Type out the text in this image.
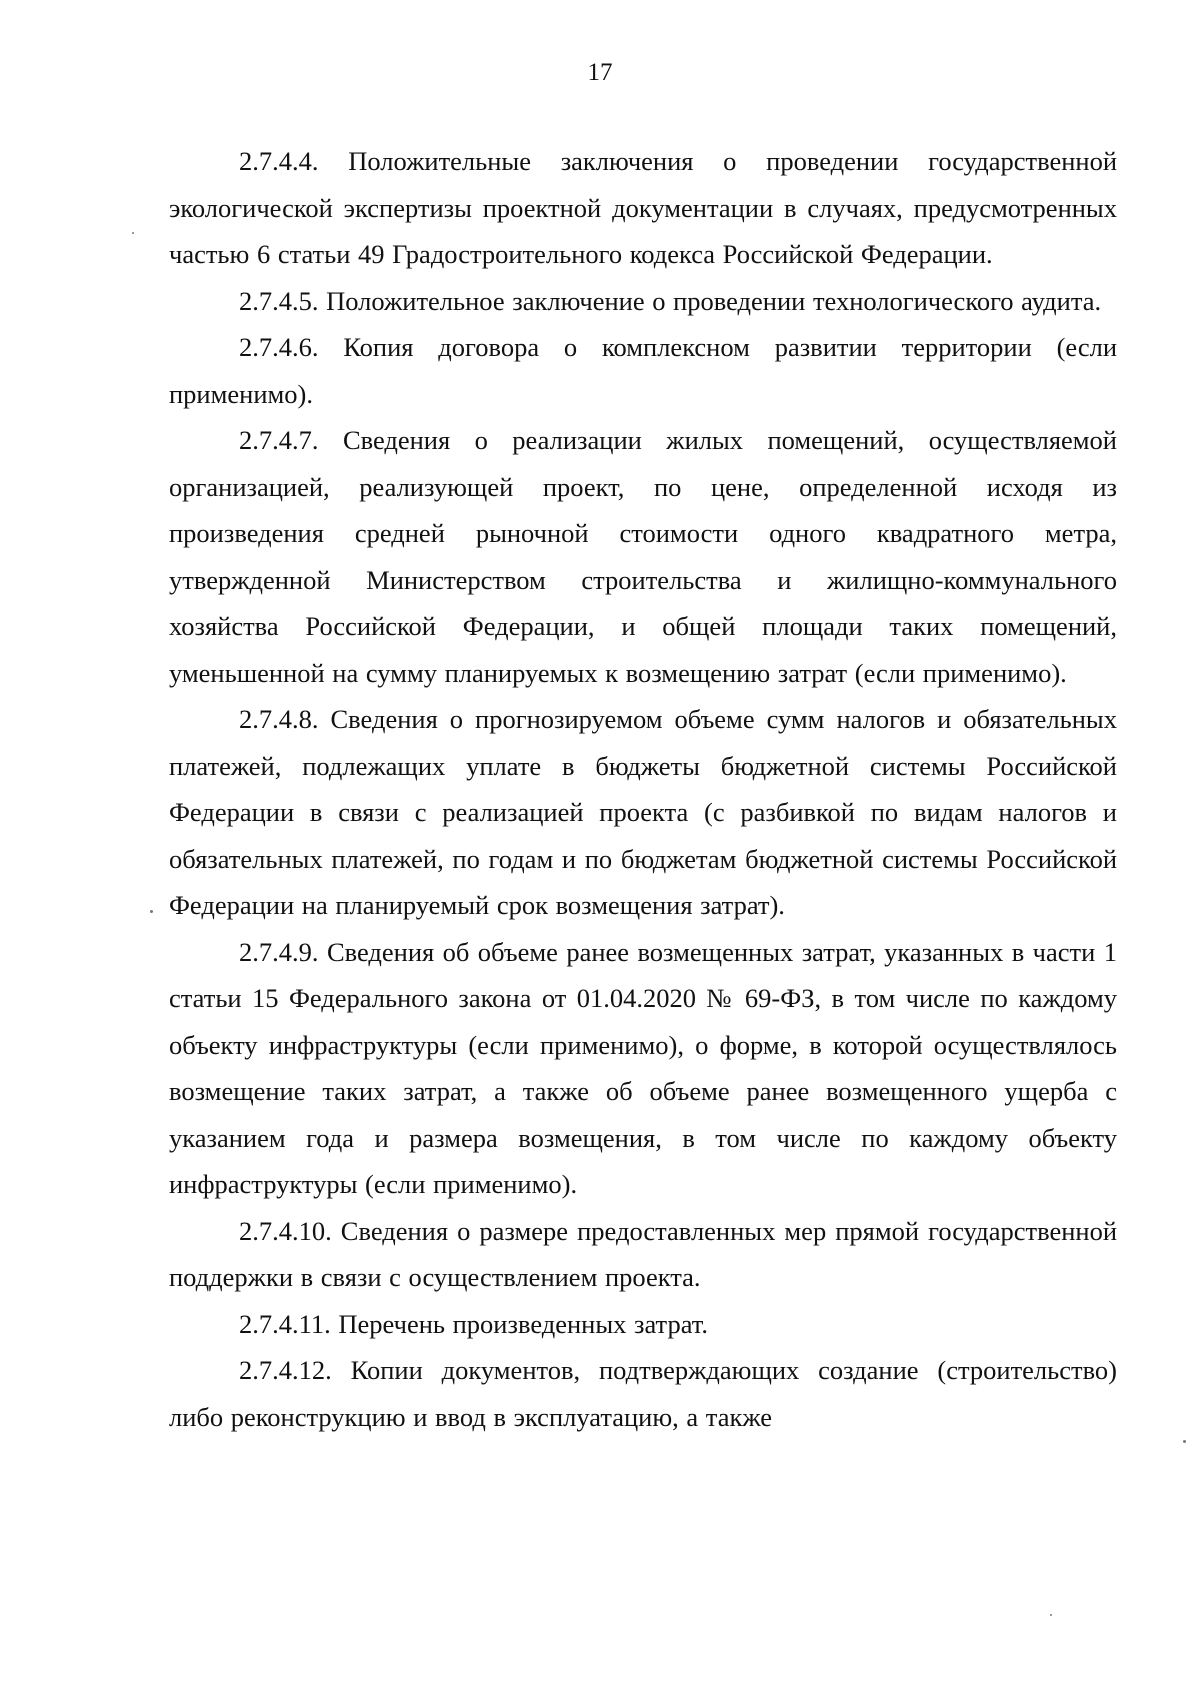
17

2.7.4.4. Положительные заключения о проведении государственной экологической экспертизы проектной документации в случаях, предусмотренных частью 6 статьи 49 Градостроительного кодекса Российской Федерации.

2.7.4.5. Положительное заключение о проведении технологического аудита.

2.7.4.6. Копия договора о комплексном развитии территории (если применимо).

2.7.4.7. Сведения о реализации жилых помещений, осуществляемой организацией, реализующей проект, по цене, определенной исходя из произведения средней рыночной стоимости одного квадратного метра, утвержденной Министерством строительства и жилищно-коммунального хозяйства Российской Федерации, и общей площади таких помещений, уменьшенной на сумму планируемых к возмещению затрат (если применимо).

2.7.4.8. Сведения о прогнозируемом объеме сумм налогов и обязательных платежей, подлежащих уплате в бюджеты бюджетной системы Российской Федерации в связи с реализацией проекта (с разбивкой по видам налогов и обязательных платежей, по годам и по бюджетам бюджетной системы Российской Федерации на планируемый срок возмещения затрат).

2.7.4.9. Сведения об объеме ранее возмещенных затрат, указанных в части 1 статьи 15 Федерального закона от 01.04.2020 № 69-ФЗ, в том числе по каждому объекту инфраструктуры (если применимо), о форме, в которой осуществлялось возмещение таких затрат, а также об объеме ранее возмещенного ущерба с указанием года и размера возмещения, в том числе по каждому объекту инфраструктуры (если применимо).

2.7.4.10. Сведения о размере предоставленных мер прямой государственной поддержки в связи с осуществлением проекта.

2.7.4.11. Перечень произведенных затрат.

2.7.4.12. Копии документов, подтверждающих создание (строительство) либо реконструкцию и ввод в эксплуатацию, а также
